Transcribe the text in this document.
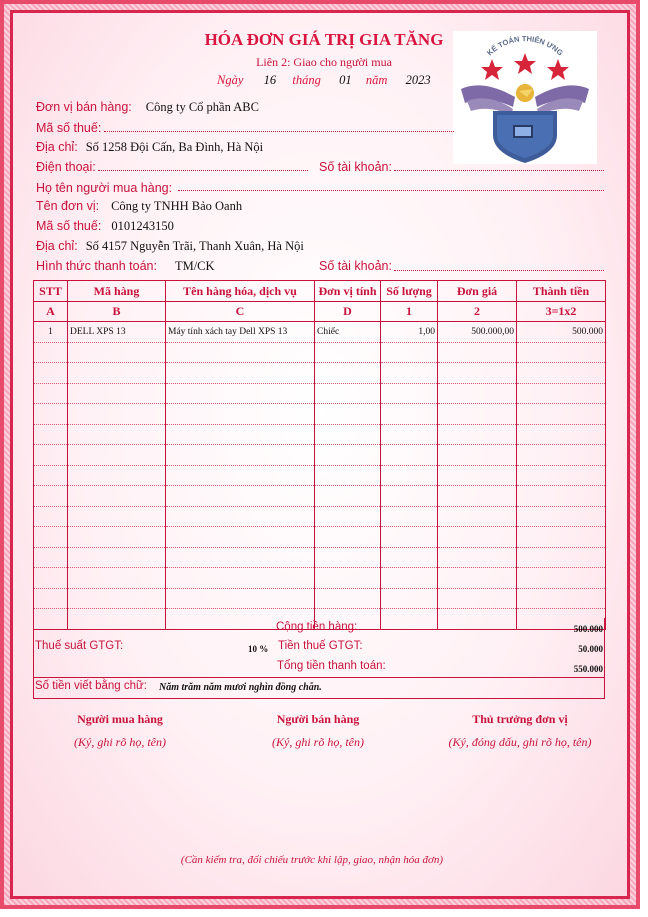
HÓA ĐƠN GIÁ TRỊ GIA TĂNG
Liên 2: Giao cho người mua
Ngày 16 tháng 01 năm 2023
KẾ TOÁN THIÊN ƯNG
Đơn vị bán hàng: Công ty Cổ phần ABC
Mã số thuế:
Địa chỉ: Số 1258 Đội Cấn, Ba Đình, Hà Nội
Điện thoại:	Số tài khoản:
Họ tên người mua hàng:
Tên đơn vị: Công ty TNHH Bảo Oanh
Mã số thuế: 0101243150
Địa chỉ: Số 4157 Nguyễn Trãi, Thanh Xuân, Hà Nội
Hình thức thanh toán: TM/CK	Số tài khoản:
STT	Mã hàng	Tên hàng hóa, dịch vụ	Đơn vị tính	Số lượng	Đơn giá	Thành tiền
A	B	C	D	1	2	3=1x2
1	DELL XPS 13	Máy tính xách tay Dell XPS 13	Chiếc	1,00	500.000,00	500.000

Cộng tiền hàng:	500.000
Thuế suất GTGT:	10 % Tiền thuế GTGT:	50.000
Tổng tiền thanh toán:	550.000
Số tiền viết bằng chữ: Năm trăm năm mươi nghìn đồng chẵn.
Người mua hàng
(Ký, ghi rõ họ, tên)
Người bán hàng
(Ký, ghi rõ họ, tên)
Thủ trưởng đơn vị
(Ký, đóng dấu, ghi rõ họ, tên)
(Cần kiểm tra, đối chiếu trước khi lập, giao, nhận hóa đơn)
